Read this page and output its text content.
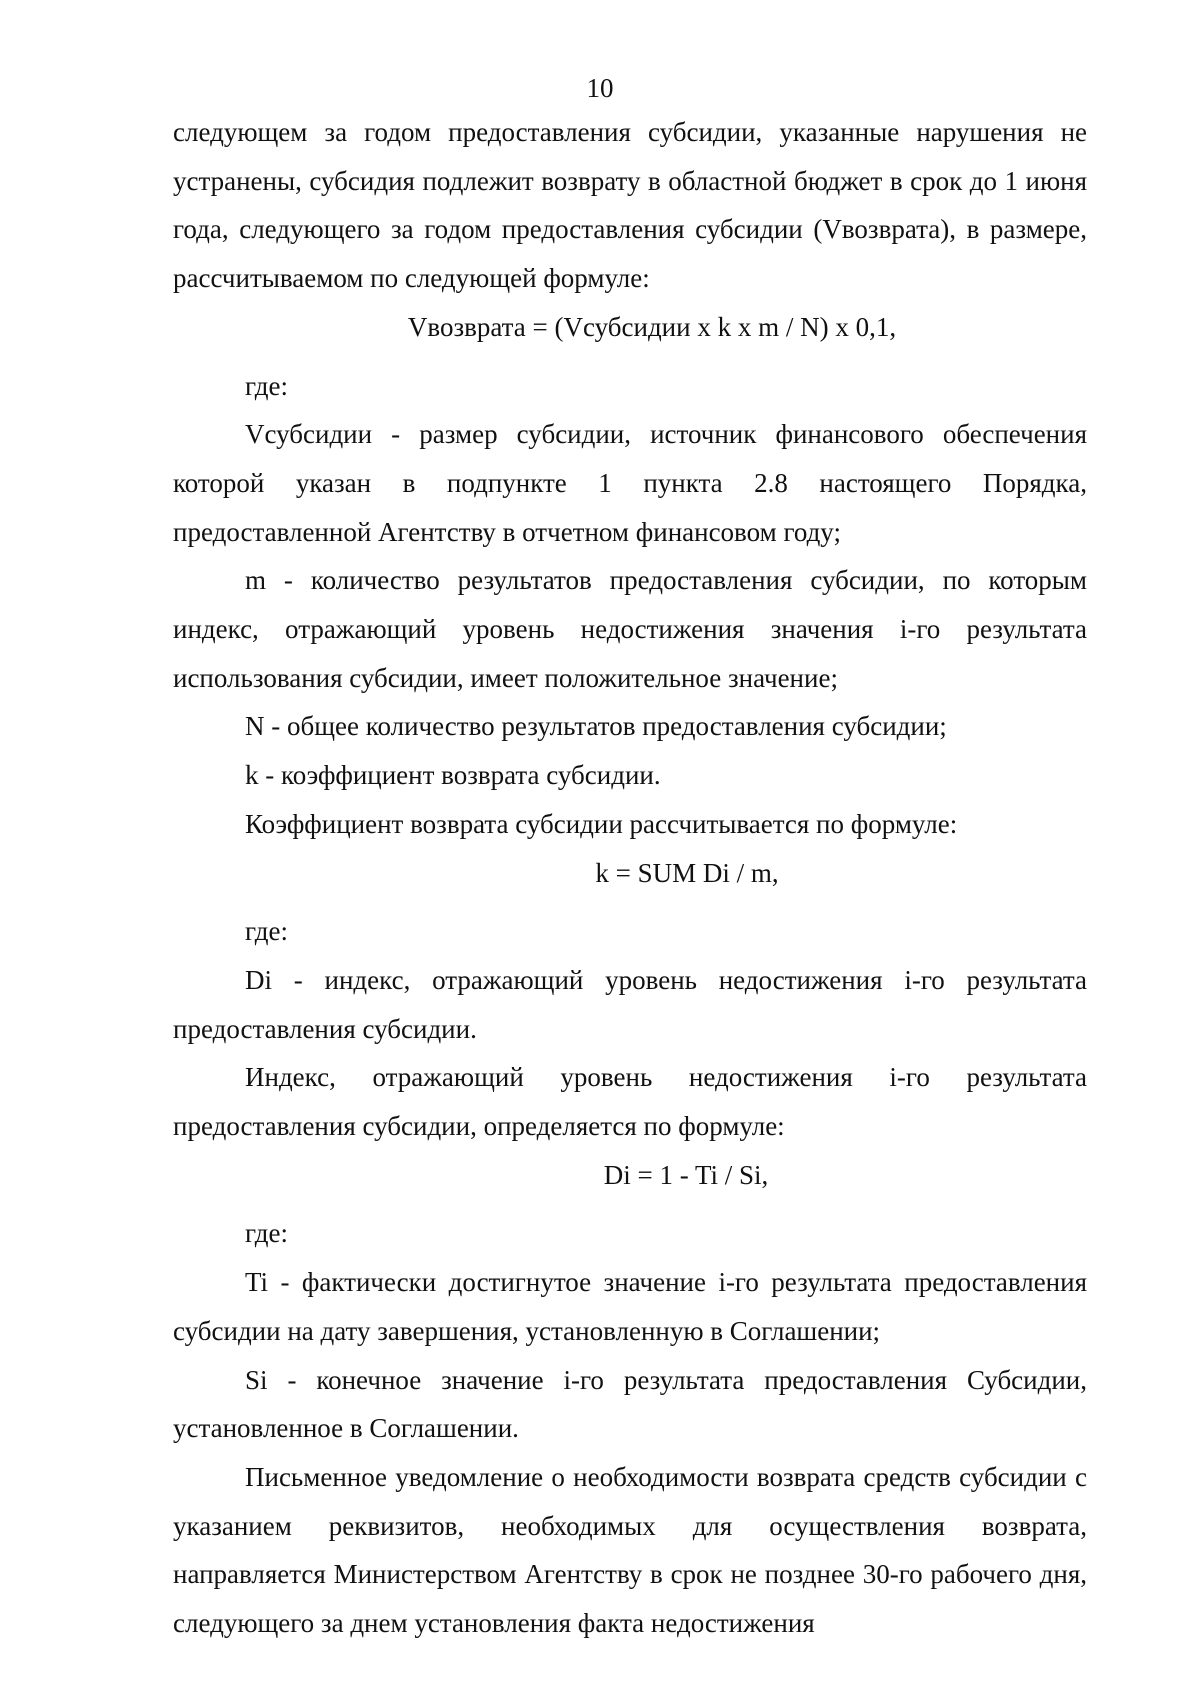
10

следующем за годом предоставления субсидии, указанные нарушения не устранены, субсидия подлежит возврату в областной бюджет в срок до 1 июня года, следующего за годом предоставления субсидии (Vвозврата), в размере, рассчитываемом по следующей формуле:

Vвозврата = (Vсубсидии x k x m / N) x 0,1,

где:

Vсубсидии - размер субсидии, источник финансового обеспечения которой указан в подпункте 1 пункта 2.8 настоящего Порядка, предоставленной Агентству в отчетном финансовом году;

m - количество результатов предоставления субсидии, по которым индекс, отражающий уровень недостижения значения i-го результата использования субсидии, имеет положительное значение;

N - общее количество результатов предоставления субсидии;

k - коэффициент возврата субсидии.

Коэффициент возврата субсидии рассчитывается по формуле:

k = SUM Di / m,

где:

Di - индекс, отражающий уровень недостижения i-го результата предоставления субсидии.

Индекс, отражающий уровень недостижения i-го результата предоставления субсидии, определяется по формуле:

Di = 1 - Ti / Si,

где:

Ti - фактически достигнутое значение i-го результата предоставления субсидии на дату завершения, установленную в Соглашении;

Si - конечное значение i-го результата предоставления Субсидии, установленное в Соглашении.

Письменное уведомление о необходимости возврата средств субсидии с указанием реквизитов, необходимых для осуществления возврата, направляется Министерством Агентству в срок не позднее 30-го рабочего дня, следующего за днем установления факта недостижения
